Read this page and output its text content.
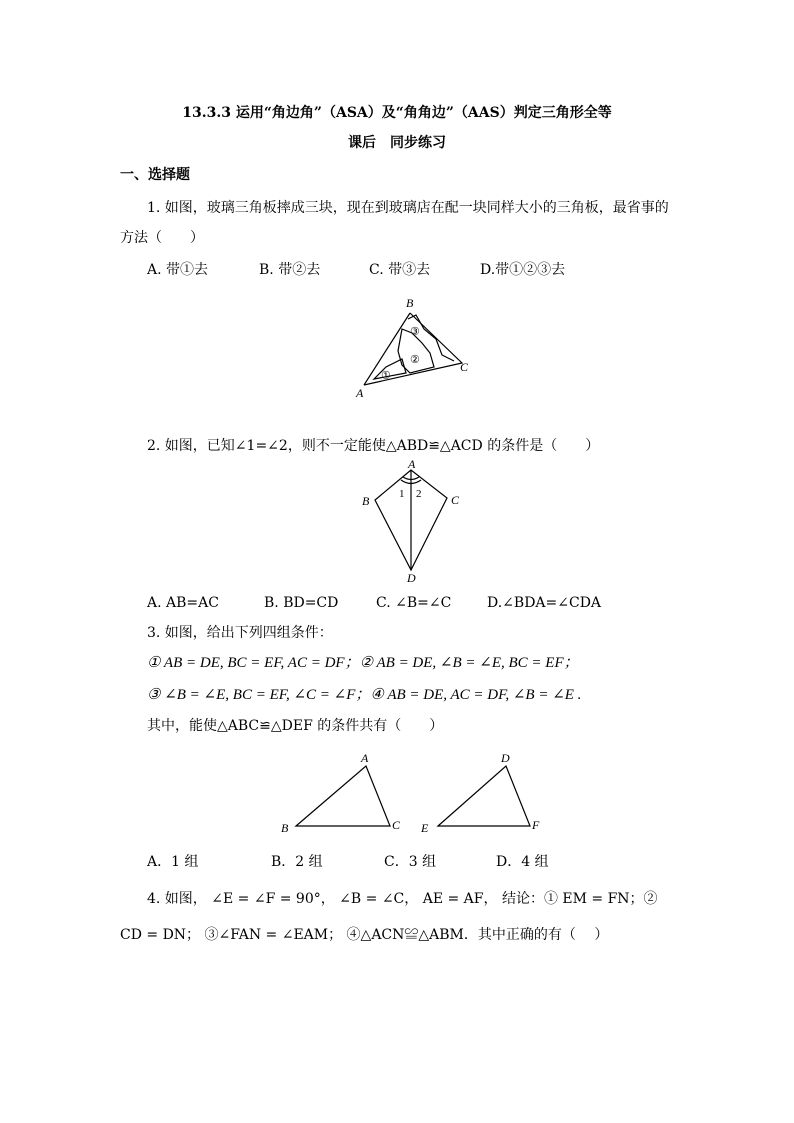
13.3.3 运用“角边角”（ASA）及“角角边”（AAS）判定三角形全等
课后　同步练习
一、选择题
1. 如图，玻璃三角板摔成三块，现在到玻璃店在配一块同样大小的三角板，最省事的
方法（　　）
A. 带①去	B. 带②去	C. 带③去	D.带①②③去
A
B
C
①
②
③
2. 如图，已知∠1=∠2，则不一定能使△ABD≌△ACD 的条件是（　　）
A
B	C
D
1 2
A. AB=AC	B. BD=CD	C. ∠B=∠C	D.∠BDA=∠CDA
3. 如图，给出下列四组条件：
① AB = DE, BC = EF, AC = DF；② AB = DE, ∠B = ∠E, BC = EF；
③ ∠B = ∠E, BC = EF, ∠C = ∠F；④ AB = DE, AC = DF, ∠B = ∠E .
其中，能使△ABC≌△DEF 的条件共有（　　）
A
B	C
D
E	F
A．1 组	B．2 组	C．3 组	D．4 组
4. 如图， ∠E = ∠F = 90°， ∠B = ∠C， AE = AF， 结论：① EM = FN；②
CD = DN； ③∠FAN = ∠EAM； ④△ACN≌△ABM．其中正确的有（　 ）
